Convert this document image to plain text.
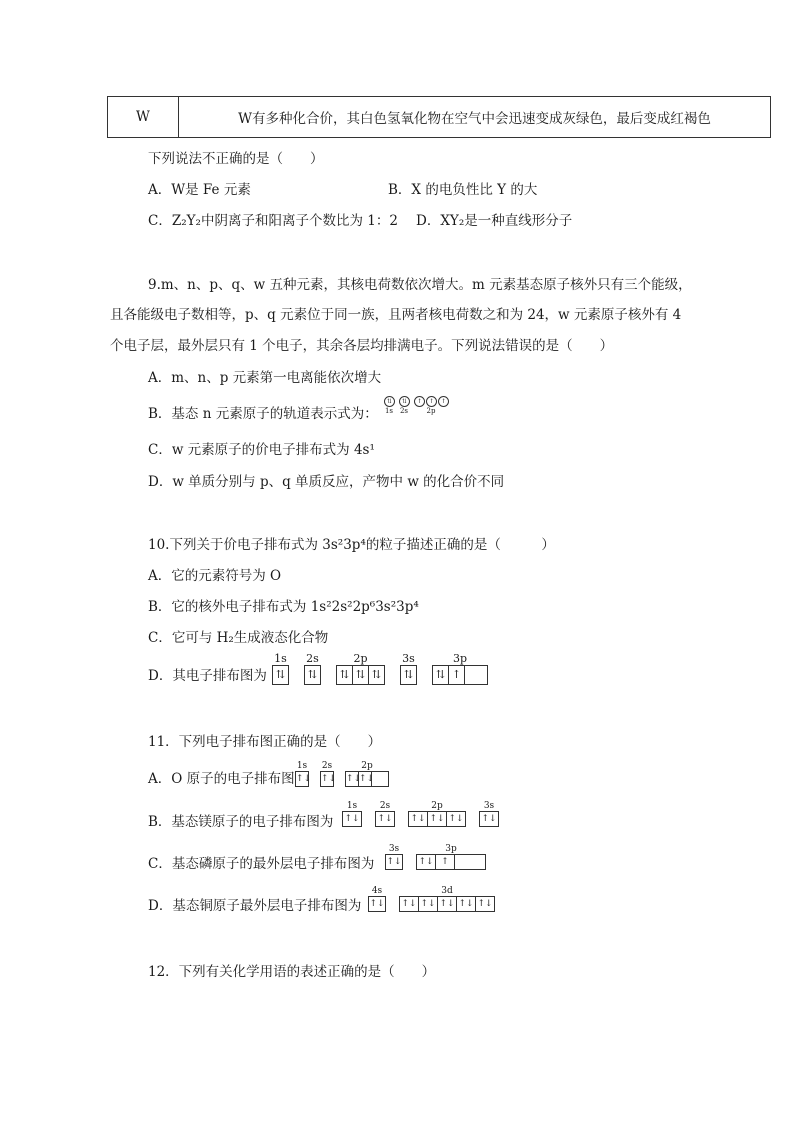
W	W有多种化合价，其白色氢氧化物在空气中会迅速变成灰绿色，最后变成红褐色
下列说法不正确的是（　　）
A．W是 Fe 元素	B．X 的电负性比 Y 的大
C．Z₂Y₂中阴离子和阳离子个数比为 1：2 D．XY₂是一种直线形分子
9.m、n、p、q、w 五种元素，其核电荷数依次增大。m 元素基态原子核外只有三个能级，
且各能级电子数相等，p、q 元素位于同一族，且两者核电荷数之和为 24，w 元素原子核外有 4
个电子层，最外层只有 1 个电子，其余各层均排满电子。下列说法错误的是（　　）
A．m、n、p 元素第一电离能依次增大
B．基态 n 元素原子的轨道表示式为：
⇅
1s
⇅
2s
↑	↑	↑
2p
C．w 元素原子的价电子排布式为 4s¹
D．w 单质分别与 p、q 单质反应，产物中 w 的化合价不同
10.下列关于价电子排布式为 3s²3p⁴的粒子描述正确的是（　　　）
A．它的元素符号为 O
B．它的核外电子排布式为 1s²2s²2p⁶3s²3p⁴
C．它可与 H₂生成液态化合物
D．其电子排布图为
1s
⇅
2s
⇅
2p
⇅ ⇅ ⇅
3s
⇅
3p
⇅ ↑
11．下列电子排布图正确的是（　　）
A．O 原子的电子排布图
1s
↑↓
2s
↑↓
2p
↑↓
↑↓
B．基态镁原子的电子排布图为
1s
↑↓
2s
↑↓
2p
↑↓ ↑↓ ↑↓
3s
↑↓
C．基态磷原子的最外层电子排布图为
3s
↑↓
3p
↑↓ ↑
D．基态铜原子最外层电子排布图为
4s
↑↓
3d
↑↓ ↑↓ ↑↓ ↑↓ ↑↓
12．下列有关化学用语的表述正确的是（　　）
